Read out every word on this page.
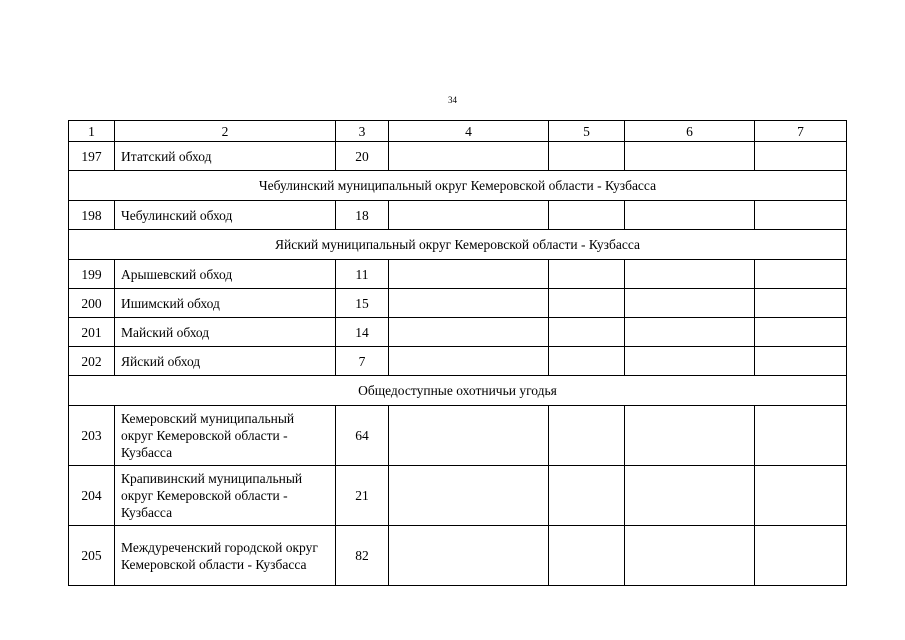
34
1	2	3	4	5	6	7
197	Итатский обход	20				
Чебулинский муниципальный округ Кемеровской области - Кузбасса						
198	Чебулинский обход	18				
Яйский муниципальный округ Кемеровской области - Кузбасса						
199	Арышевский обход	11				
200	Ишимский обход	15				
201	Майский обход	14				
202	Яйский обход	7				
Общедоступные охотничьи угодья						
203	Кемеровский муниципальный округ Кемеровской области - Кузбасса	64				
204	Крапивинский муниципальный округ Кемеровской области - Кузбасса	21				
205	Междуреченский городской округ Кемеровской области - Кузбасса	82				
